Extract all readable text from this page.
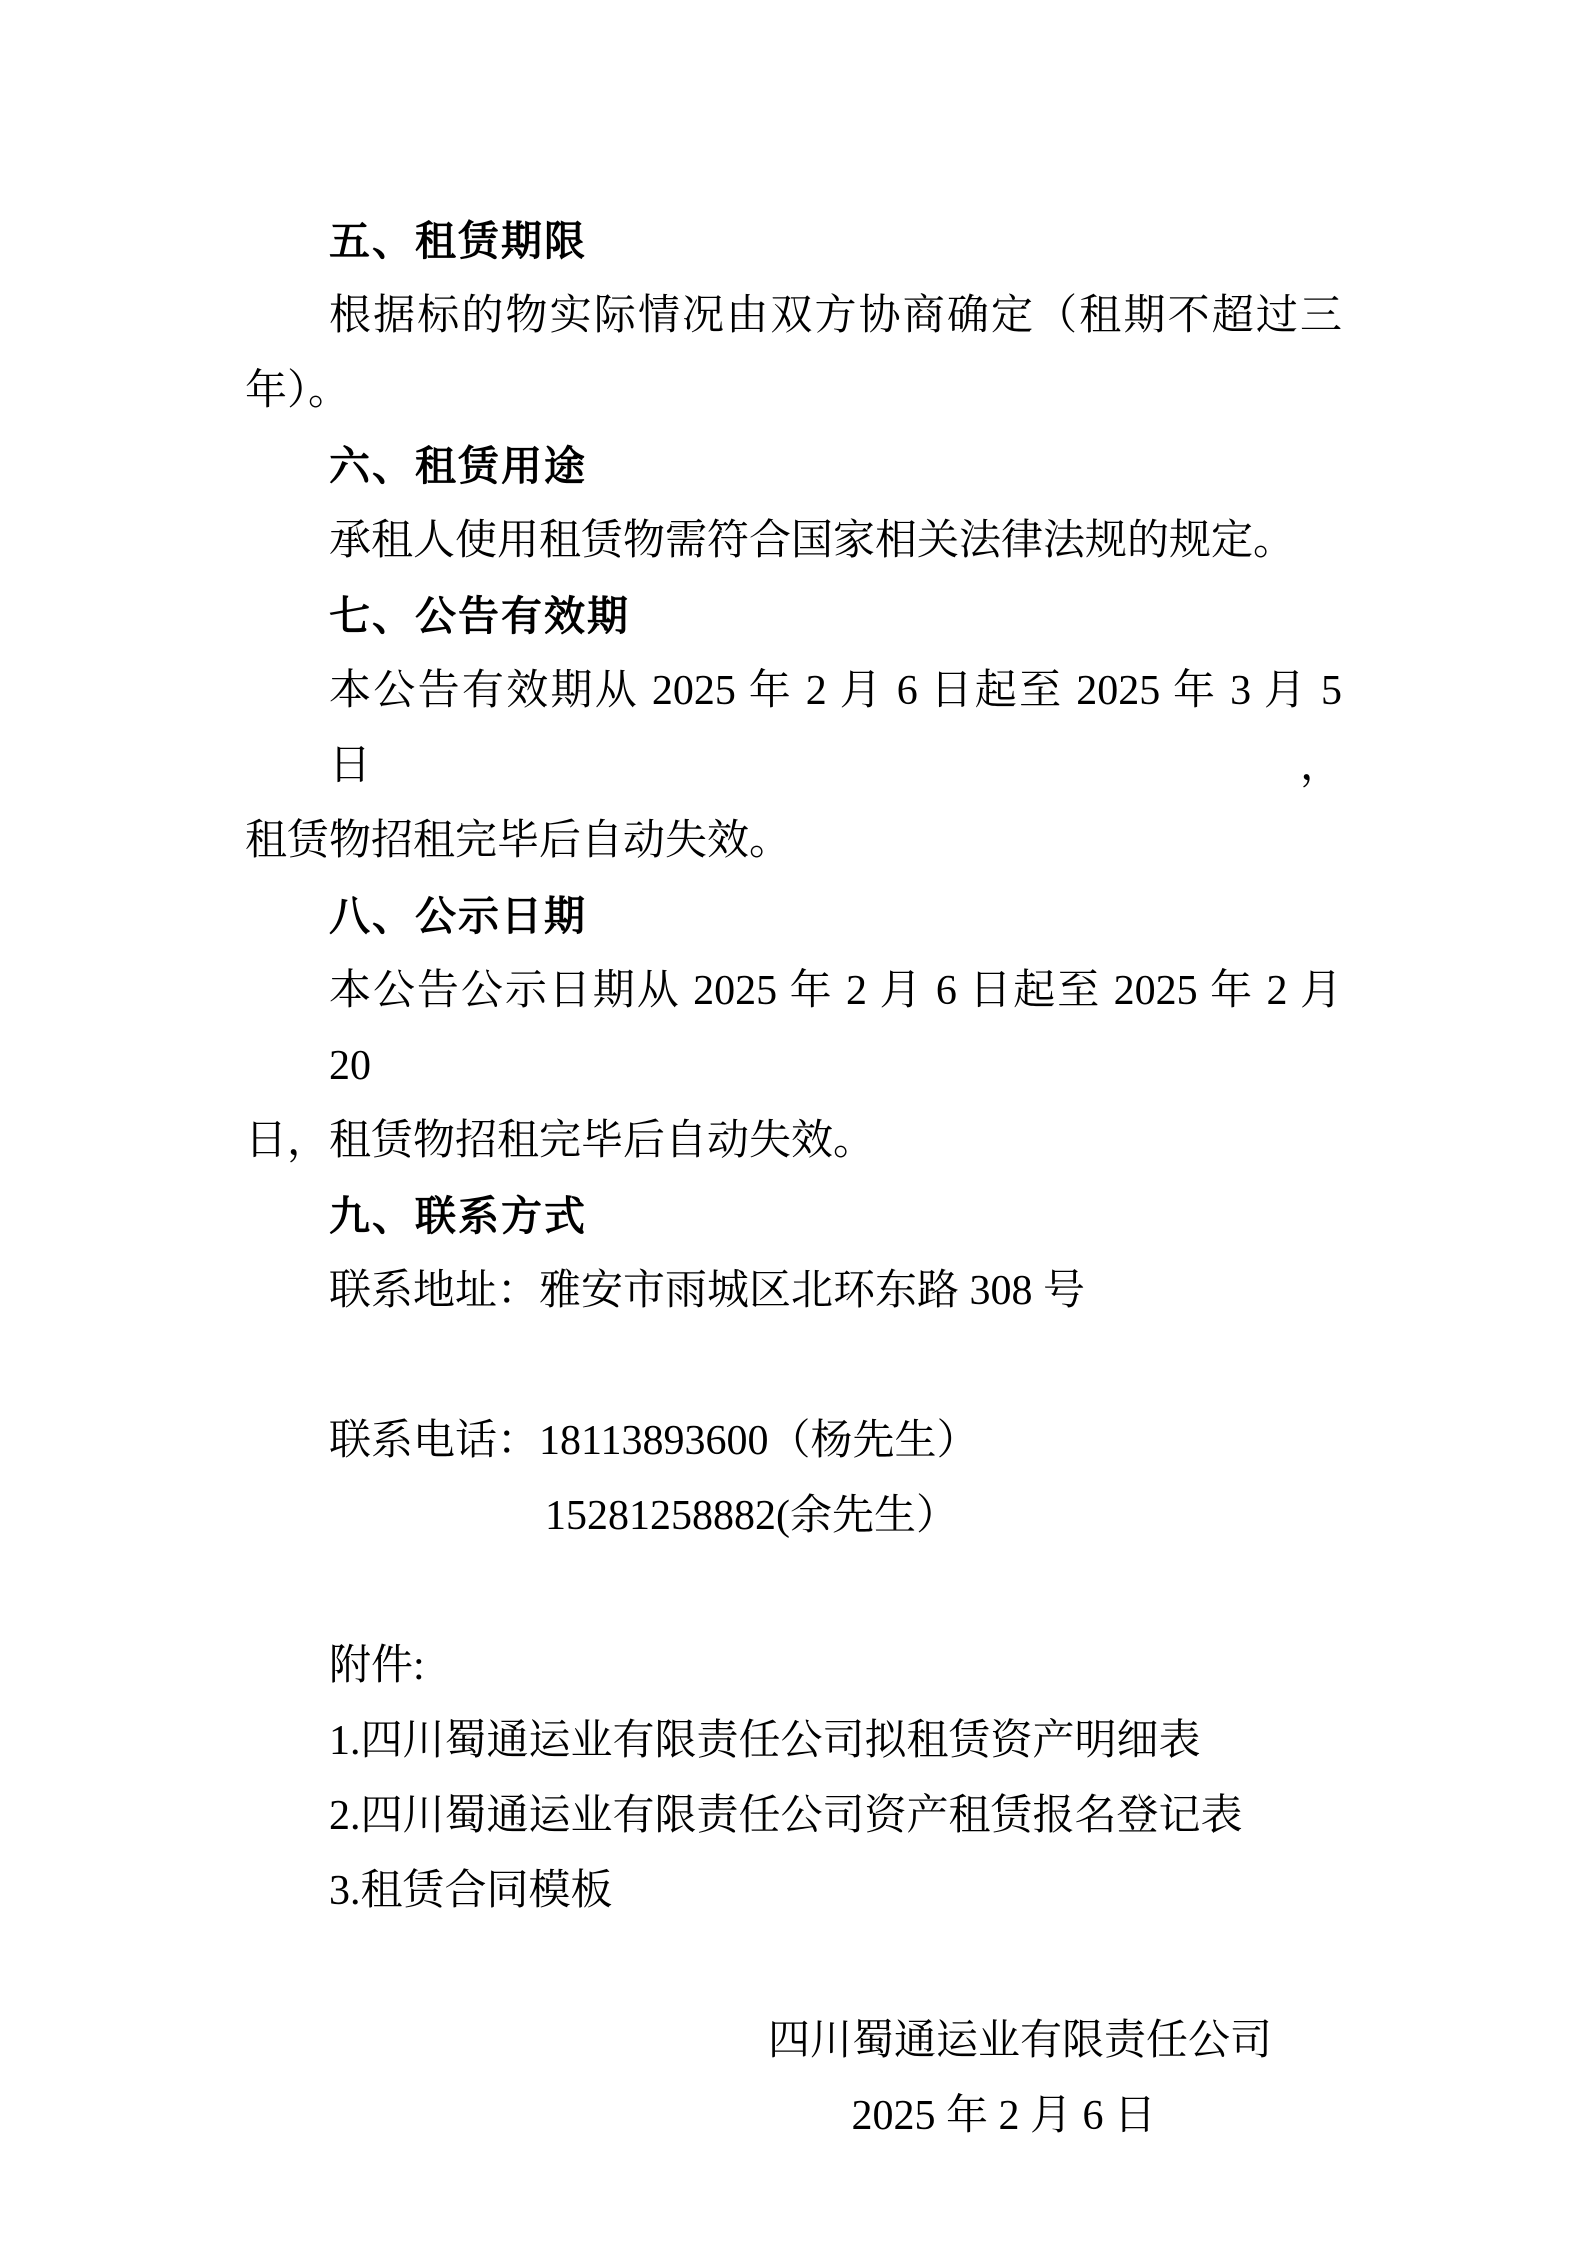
五、租赁期限
根据标的物实际情况由双方协商确定（租期不超过三
年）。
六、租赁用途
承租人使用租赁物需符合国家相关法律法规的规定。
七、公告有效期
本公告有效期从 2025 年 2 月 6 日起至 2025 年 3 月 5 日，
租赁物招租完毕后自动失效。
八、公示日期
本公告公示日期从 2025 年 2 月 6 日起至 2025 年 2 月 20
日，租赁物招租完毕后自动失效。
九、联系方式
联系地址：雅安市雨城区北环东路 308 号
联系电话：18113893600（杨先生）
15281258882(余先生）
附件:
1.四川蜀通运业有限责任公司拟租赁资产明细表
2.四川蜀通运业有限责任公司资产租赁报名登记表
3.租赁合同模板
四川蜀通运业有限责任公司
2025 年 2 月 6 日
